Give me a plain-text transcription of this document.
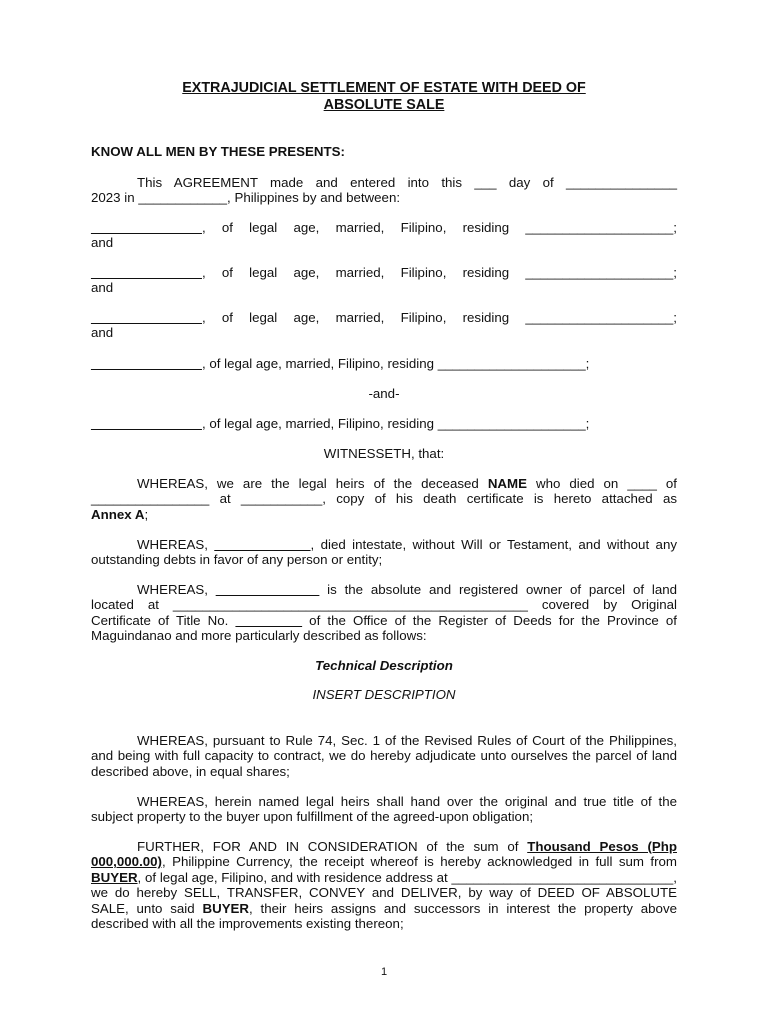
EXTRAJUDICIAL SETTLEMENT OF ESTATE WITH DEED OF
ABSOLUTE SALE
KNOW ALL MEN BY THESE PRESENTS:
This AGREEMENT made and entered into this ___ day of _______________
2023 in ____________, Philippines by and between:
_______________, of legal age, married, Filipino, residing ____________________;
and
_______________, of legal age, married, Filipino, residing ____________________;
and
_______________, of legal age, married, Filipino, residing ____________________;
and
_______________, of legal age, married, Filipino, residing ____________________;
-and-
_______________, of legal age, married, Filipino, residing ____________________;
WITNESSETH, that:
WHEREAS, we are the legal heirs of the deceased NAME who died on ____ of
________________ at ___________, copy of his death certificate is hereto attached as
Annex A;
WHEREAS, _____________, died intestate, without Will or Testament, and without any outstanding debts in favor of any person or entity;
WHEREAS, ______________ is the absolute and registered owner of parcel of land located at ________________________________________________ covered by Original Certificate of Title No. _________ of the Office of the Register of Deeds for the Province of Maguindanao and more particularly described as follows:
Technical Description
INSERT DESCRIPTION
WHEREAS, pursuant to Rule 74, Sec. 1 of the Revised Rules of Court of the Philippines, and being with full capacity to contract, we do hereby adjudicate unto ourselves the parcel of land described above, in equal shares;
WHEREAS, herein named legal heirs shall hand over the original and true title of the subject property to the buyer upon fulfillment of the agreed-upon obligation;
FURTHER, FOR AND IN CONSIDERATION of the sum of Thousand Pesos (Php 000,000.00), Philippine Currency, the receipt whereof is hereby acknowledged in full sum from BUYER, of legal age, Filipino, and with residence address at ______________________________, we do hereby SELL, TRANSFER, CONVEY and DELIVER, by way of DEED OF ABSOLUTE SALE, unto said BUYER, their heirs assigns and successors in interest the property above described with all the improvements existing thereon;
1
